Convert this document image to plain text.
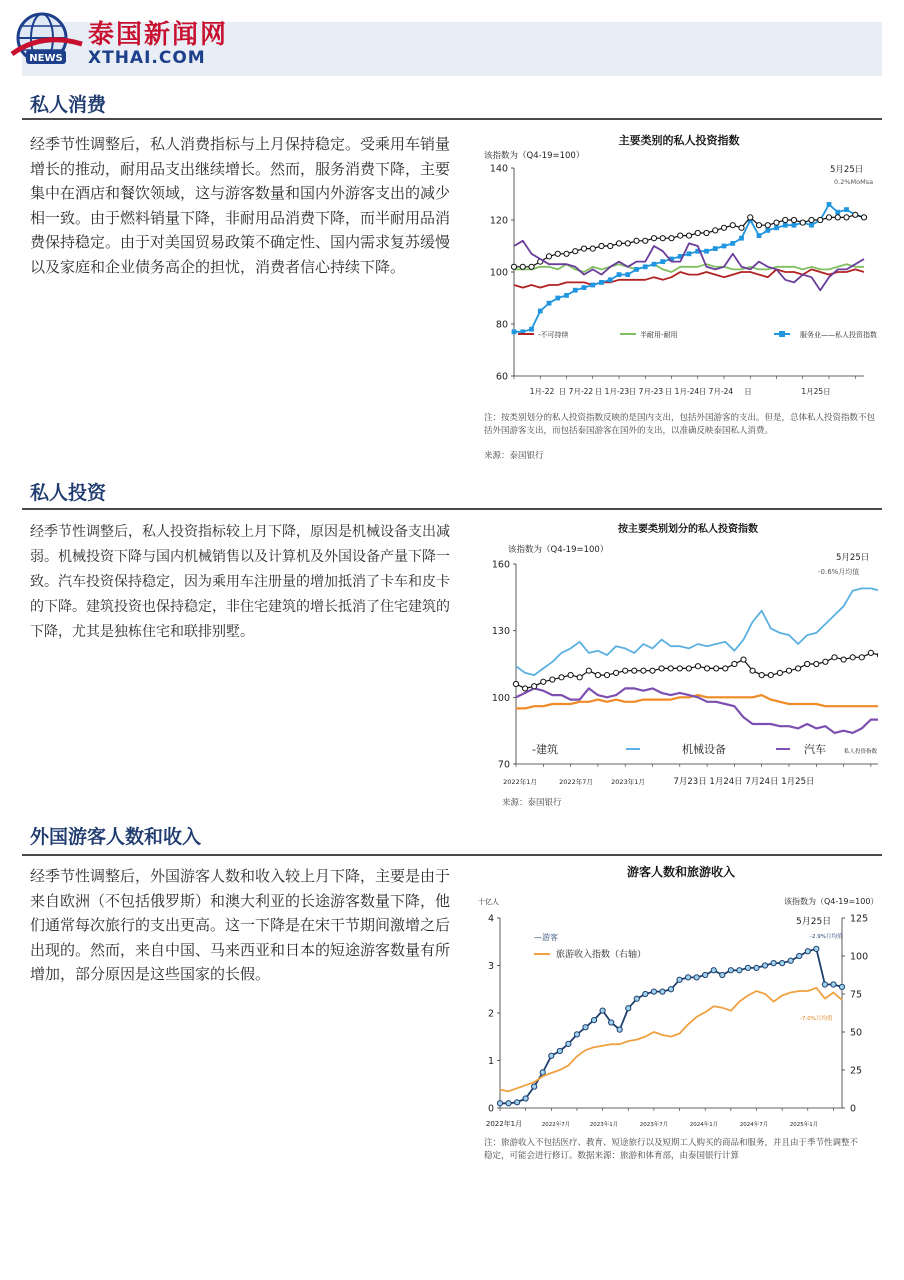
NEWS
泰国新闻网
XTHAI.COM
私人消费
经季节性调整后，私人消费指标与上月保持稳定。受乘用车销量增长的推动，耐用品支出继续增长。然而，服务消费下降，主要集中在酒店和餐饮领域，这与游客数量和国内外游客支出的减少相一致。由于燃料销量下降，非耐用品消费下降，而半耐用品消费保持稳定。由于对美国贸易政策不确定性、国内需求复苏缓慢以及家庭和企业债务高企的担忧，消费者信心持续下降。
主要类别的私人投资指数
60
80
100
120
140
该指数为（Q4-19=100）
5月25日
0.2%MoMsa
-不可持续	半耐用-耐用	服务业——私人投资指数
1月-22 日 7月-22 日 1月-23 日 7月-23 日 1月-24 日 7月-24 日	1月25日
注：按类别划分的私人投资指数反映的是国内支出，包括外国游客的支出。但是，总体私人投资指数不包括外国游客支出，而包括泰国游客在国外的支出，以准确反映泰国私人消费。
来源：泰国银行
私人投资
经季节性调整后，私人投资指标较上月下降，原因是机械设备支出减弱。机械投资下降与国内机械销售以及计算机及外国设备产量下降一致。汽车投资保持稳定，因为乘用车注册量的增加抵消了卡车和皮卡的下降。建筑投资也保持稳定，非住宅建筑的增长抵消了住宅建筑的下降，尤其是独栋住宅和联排别墅。
按主要类别划分的私人投资指数
70
100
130
160
该指数为（Q4-19=100）
5月25日
-0.6%月均值
-建筑	机械设备	汽车	私人投资指数
2022年1月	2022年7月	2023年1月	7月23日 1月24日 7月24日 1月25日
来源：泰国银行
外国游客人数和收入
经季节性调整后，外国游客人数和收入较上月下降，主要是由于来自欧洲（不包括俄罗斯）和澳大利亚的长途游客数量下降，他们通常每次旅行的支出更高。这一下降是在宋干节期间激增之后出现的。然而，来自中国、马来西亚和日本的短途游客数量有所增加，部分原因是这些国家的长假。
游客人数和旅游收入
0
1
2
3
4
0
25
50
75
100
125
十亿人	该指数为（Q4-19=100）
5月25日
-2.9%月均值
-7.0%月均值
—游客
旅游收入指数（右轴）
2022年1月	2022年7月	2023年1月	2023年7月	2024年1月	2024年7月	2025年1月
注：旅游收入不包括医疗、教育、短途旅行以及短期工人购买的商品和服务，并且由于季节性调整不稳定，可能会进行修订。数据来源：旅游和体育部，由泰国银行计算
